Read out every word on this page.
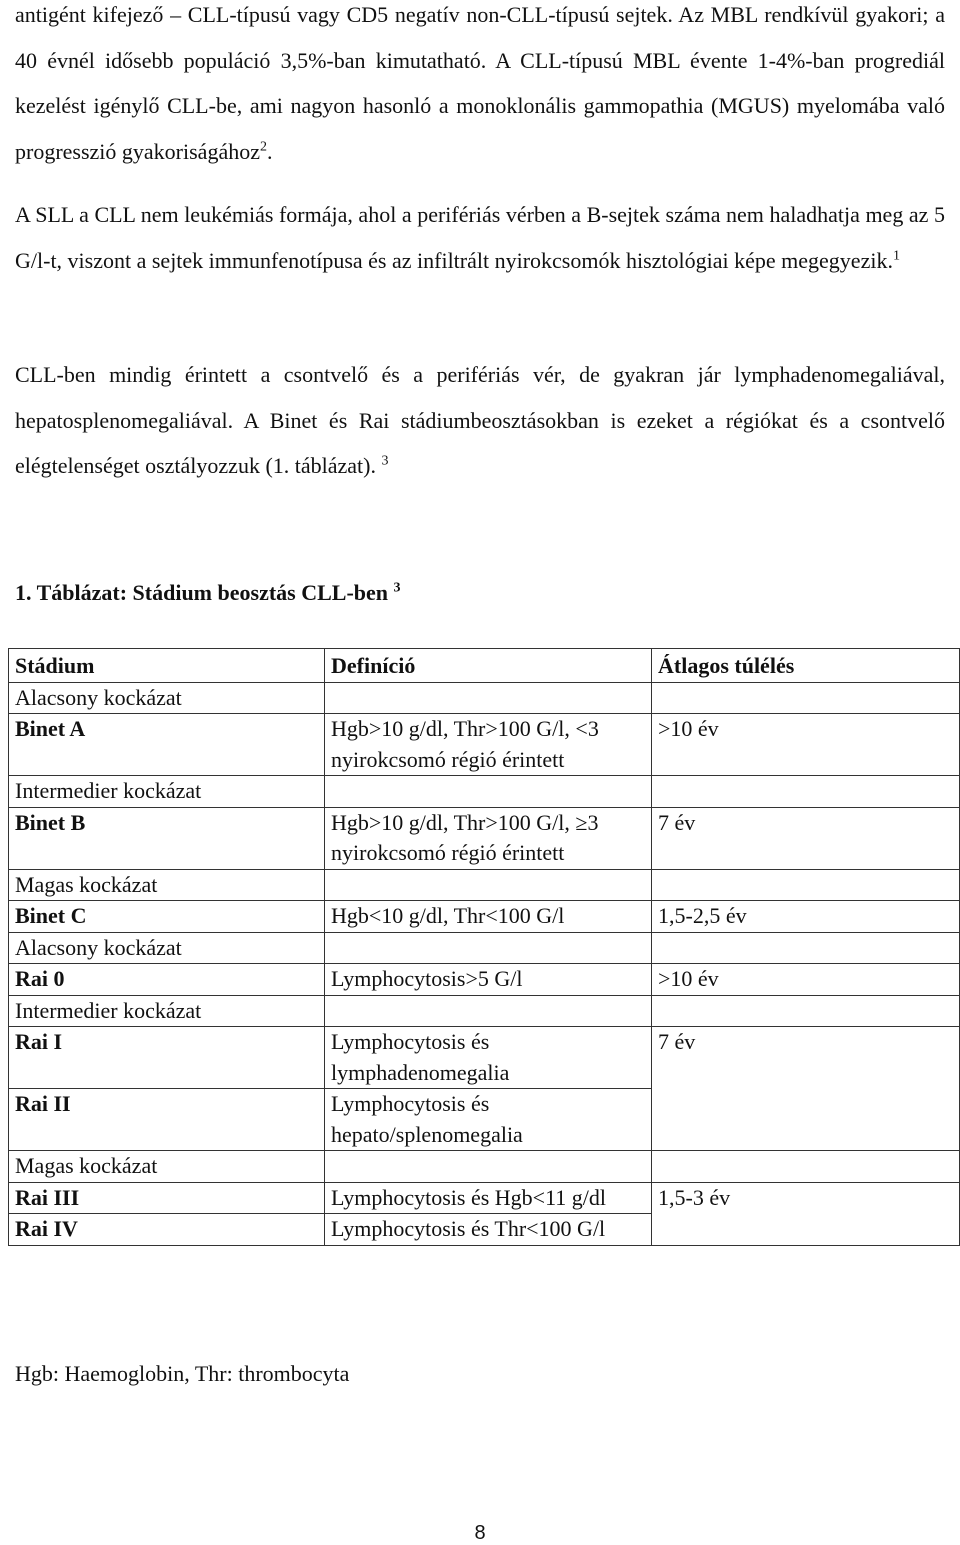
antigént kifejező – CLL-típusú vagy CD5 negatív non-CLL-típusú sejtek. Az MBL rendkívül gyakori; a 40 évnél idősebb populáció 3,5%-ban kimutatható. A CLL-típusú MBL évente 1-4%-ban progrediál kezelést igénylő CLL-be, ami nagyon hasonló a monoklonális gammopathia (MGUS) myelomába való progresszió gyakoriságához$^2$.

A SLL a CLL nem leukémiás formája, ahol a perifériás vérben a B-sejtek száma nem haladhatja meg az 5 G/l-t, viszont a sejtek immunfenotípusa és az infiltrált nyirokcsomók hisztológiai képe megegyezik.$^1$

CLL-ben mindig érintett a csontvelő és a perifériás vér, de gyakran jár lymphadenomegaliával, hepatosplenomegaliával. A Binet és Rai stádiumbeosztásokban is ezeket a régiókat és a csontvelő elégtelenséget osztályozzuk (1. táblázat). $^3$

1. Táblázat: Stádium beosztás CLL-ben $^3$
Hgb: Haemoglobin, Thr: thrombocyta
Stádium	Definíció	Átlagos túlélés
Alacsony kockázat		
Binet A	Hgb>10 g/dl, Thr>100 G/l, <3 nyirokcsomó régió érintett	>10 év
Intermedier kockázat		
Binet B	Hgb>10 g/dl, Thr>100 G/l, ≥3 nyirokcsomó régió érintett	7 év
Magas kockázat		
Binet C	Hgb<10 g/dl, Thr<100 G/l	1,5-2,5 év
Alacsony kockázat		
Rai 0	Lymphocytosis>5 G/l	>10 év
Intermedier kockázat		
Rai I	Lymphocytosis és lymphadenomegalia	7 év
Rai II	Lymphocytosis és hepato/splenomegalia	
Magas kockázat		
Rai III	Lymphocytosis és Hgb<11 g/dl	1,5-3 év
Rai IV	Lymphocytosis és Thr<100 G/l	
8
